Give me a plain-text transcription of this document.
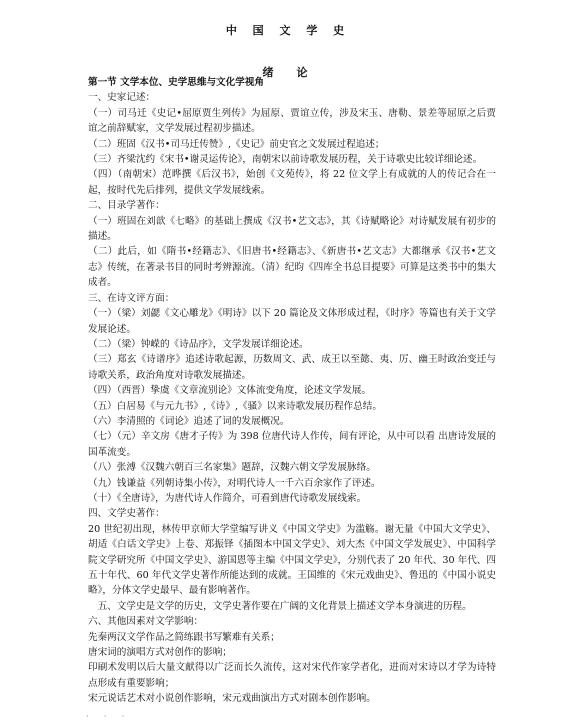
中 国 文 学 史
绪　论

第一节 文学本位、史学思维与文化学视角

一、史家记述：

（一）司马迁《史记•屈原贾生列传》为屈原、贾谊立传，涉及宋玉、唐勒、景差等屈原之后贾谊之前辞赋家，文学发展过程初步描述。

（二）班固《汉书•司马迁传赞》,《史记》前史官之文发展过程追述；

（三）齐梁沈约《宋书•谢灵运传论》，南朝宋以前诗歌发展历程，关于诗歌史比较详细论述。

（四）（南朝宋）范晔撰《后汉书》，始创《文苑传》，将 22 位文学上有成就的人的传记合在一起，按时代先后排列，提供文学发展线索。

二、目录学著作：

（一）班固在刘歆《七略》的基础上撰成《汉书•艺文志》，其《诗赋略论》对诗赋发展有初步的描述。

（二）此后，如《隋书•经籍志》、《旧唐书•经籍志》、《新唐书•艺文志》大都继承《汉书•艺文志》传统，在著录书目的同时考辨源流。（清）纪昀《四库全书总目提要》可算是这类书中的集大成者。

三、在诗文评方面：

（一）（梁）刘勰《文心雕龙》《明诗》以下 20 篇论及文体形成过程，《时序》等篇也有关于文学发展论述。

（二）（梁）钟嵘的《诗品序》，文学发展详细论述。

（三）郑玄《诗谱序》追述诗歌起源，历数周文、武、成王以至懿、夷、厉、幽王时政治变迁与诗歌关系，政治角度对诗歌发展描述。

（四）（西晋）挚虞《文章流别论》文体流变角度，论述文学发展。

（五）白居易《与元九书》,《诗》,《骚》以来诗歌发展历程作总结。

（六）李清照的《词论》追述了词的发展概况。

（七）（元）辛文房《唐才子传》为 398 位唐代诗人作传，间有评论，从中可以看 出唐诗发展的国革流变。

（八）张溥《汉魏六朝百三名家集》题辞，汉魏六朝文学发展脉络。

（九）钱谦益《列朝诗集小传》，对明代诗人一千六百余家作了评述。

（十）《全唐诗》，为唐代诗人作简介，可看到唐代诗歌发展线索。

四、文学史著作：

20 世纪初出现，林传甲京师大学堂编写讲义《中国文学史》为滥觞。谢无量《中国大文学史》、胡适《白话文学史》上卷、郑振铎《插图本中国文学史》、刘大杰《中国文学发展史》、中国科学院文学研究所《中国文学史》、游国恩等主编《中国文学史》，分别代表了 20 年代、30 年代、四五十年代、60 年代文学史著作所能达到的成就。王国维的《宋元戏曲史》、鲁迅的《中国小说史略》，分体文学史最早、最有影响著作。

五、文学史是文学的历史，文学史著作要在广阔的文化背景上描述文学本身演进的历程。

六、其他因素对文学影响：

先秦两汉文学作品之简练跟书写繁难有关系；

唐宋词的演唱方式对创作的影响；

印刷术发明以后大量文献得以广泛而长久流传，这对宋代作家学者化，进而对宋诗以才学为诗特点形成有重要影响；

宋元说话艺术对小说创作影响，宋元戏曲演出方式对剧本创作影响。

· · ·
